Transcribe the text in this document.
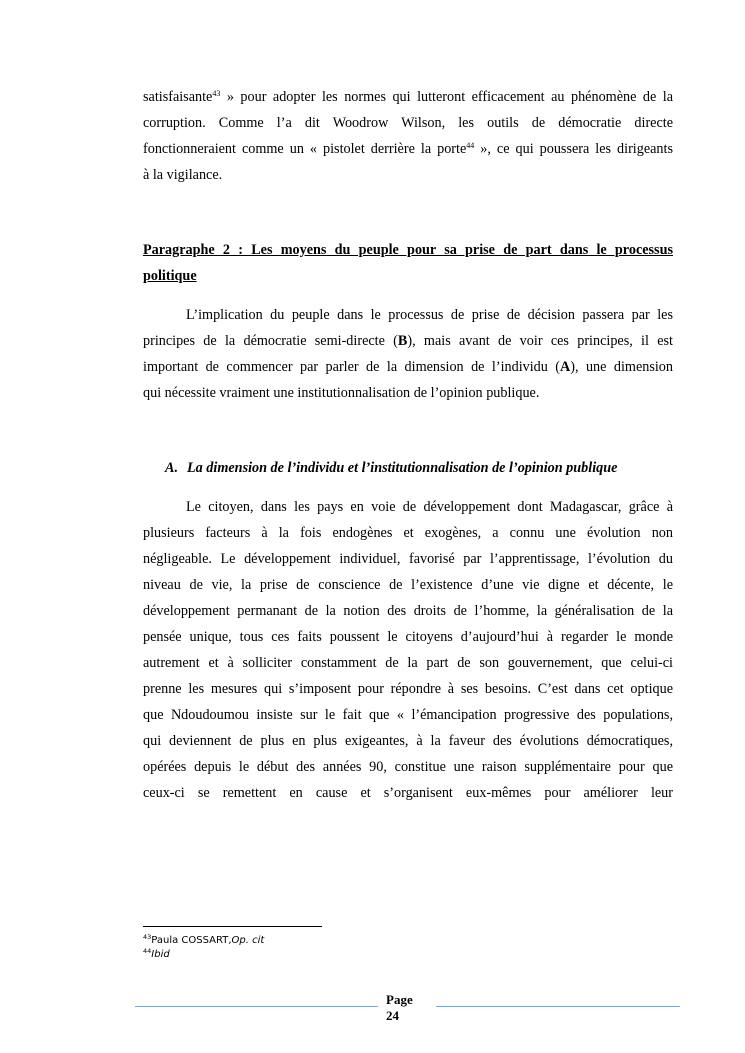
satisfaisante$^{43}$ » pour adopter les normes qui lutteront efficacement au phénomène de la
corruption. Comme l’a dit Woodrow Wilson, les outils de démocratie directe
fonctionneraient comme un « pistolet derrière la porte$^{44}$ », ce qui poussera les dirigeants
à la vigilance.
Paragraphe 2 : Les moyens du peuple pour sa prise de part dans le processus
politique
L’implication du peuple dans le processus de prise de décision passera par les
principes de la démocratie semi-directe (B), mais avant de voir ces principes, il est
important de commencer par parler de la dimension de l’individu (A), une dimension
qui nécessite vraiment une institutionnalisation de l’opinion publique.
A. La dimension de l’individu et l’institutionnalisation de l’opinion publique
Le citoyen, dans les pays en voie de développement dont Madagascar, grâce à
plusieurs facteurs à la fois endogènes et exogènes, a connu une évolution non
négligeable. Le développement individuel, favorisé par l’apprentissage, l’évolution du
niveau de vie, la prise de conscience de l’existence d’une vie digne et décente, le
développement permanant de la notion des droits de l’homme, la généralisation de la
pensée unique, tous ces faits poussent le citoyens d’aujourd’hui à regarder le monde
autrement et à solliciter constamment de la part de son gouvernement, que celui-ci
prenne les mesures qui s’imposent pour répondre à ses besoins. C’est dans cet optique
que Ndoudoumou insiste sur le fait que « l’émancipation progressive des populations,
qui deviennent de plus en plus exigeantes, à la faveur des évolutions démocratiques,
opérées depuis le début des années 90, constitue une raison supplémentaire pour que
ceux-ci se remettent en cause et s’organisent eux-mêmes pour améliorer leur
$^{43}$Paula COSSART,Op. cit
$^{44}$Ibid
Page
24
